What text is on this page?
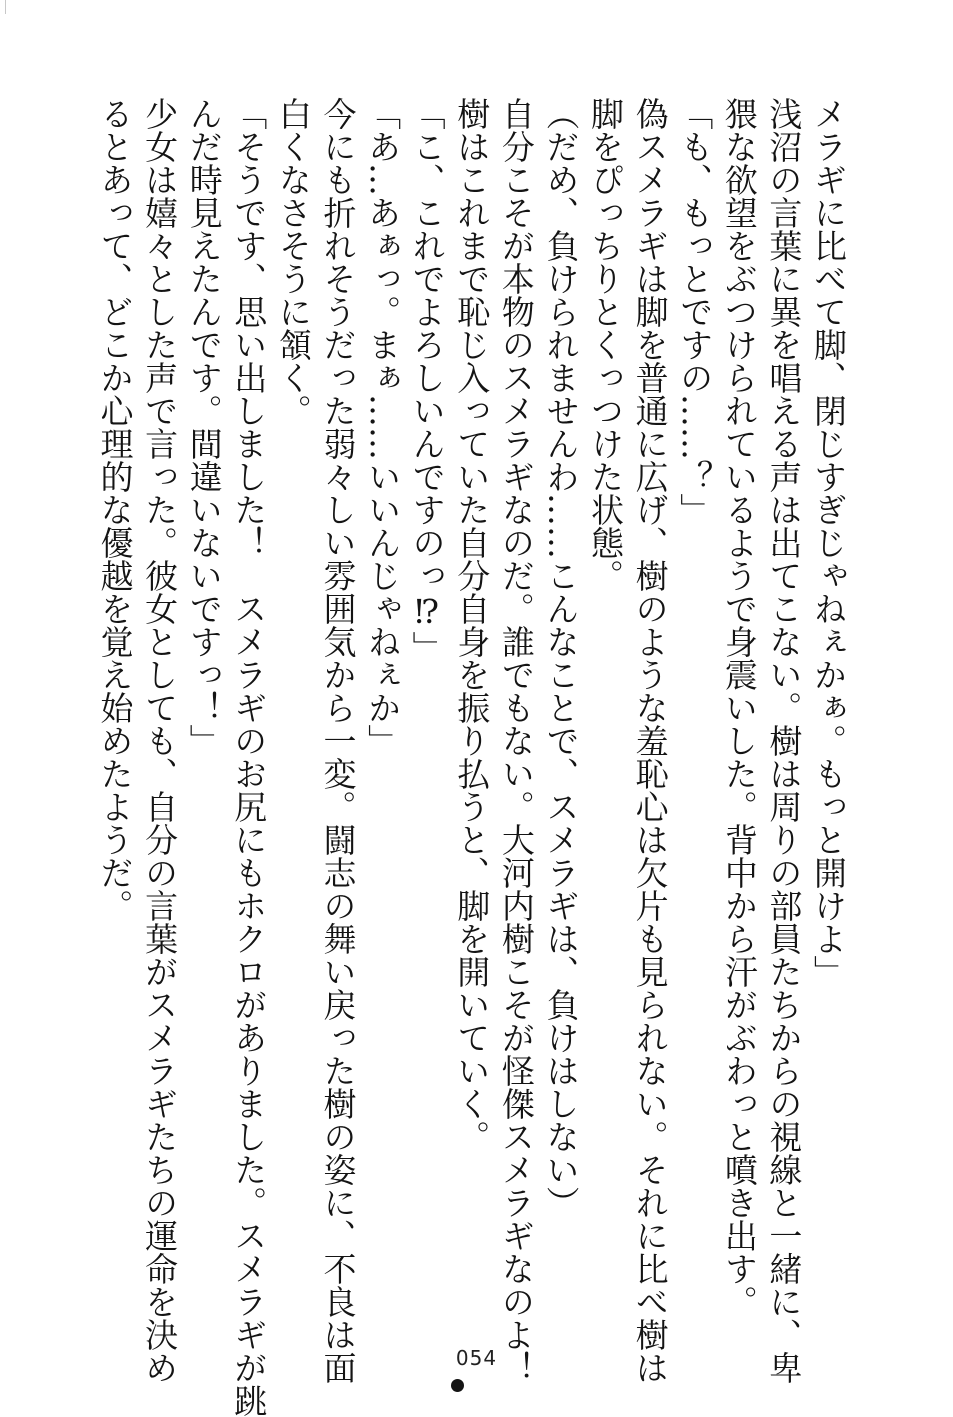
メラギに比べて脚、閉じすぎじゃねぇかぁ。もっと開けよ」
浅沼の言葉に異を唱える声は出てこない。樹は周りの部員たちからの視線と一緒に、卑
猥な欲望をぶつけられているようで身震いした。背中から汗がぶわっと噴き出す。
「も、もっとですの……？」
偽スメラギは脚を普通に広げ、樹のような羞恥心は欠片も見られない。それに比べ樹は
脚をぴっちりとくっつけた状態。
（だめ、負けられませんわ……こんなことで、スメラギは、負けはしない）
自分こそが本物のスメラギなのだ。誰でもない。大河内樹こそが怪傑スメラギなのよ！
樹はこれまで恥じ入っていた自分自身を振り払うと、脚を開いていく。
「こ、これでよろしいんですのっ⁉」
「あ…あぁっ。まぁ……いいんじゃねぇか」
今にも折れそうだった弱々しい雰囲気から一変。闘志の舞い戻った樹の姿に、不良は面
白くなさそうに頷く。
「そうです、思い出しました！　スメラギのお尻にもホクロがありました。スメラギが跳
んだ時見えたんです。間違いないですっ！」
少女は嬉々とした声で言った。彼女としても、自分の言葉がスメラギたちの運命を決め
るとあって、どこか心理的な優越を覚え始めたようだ。
054
